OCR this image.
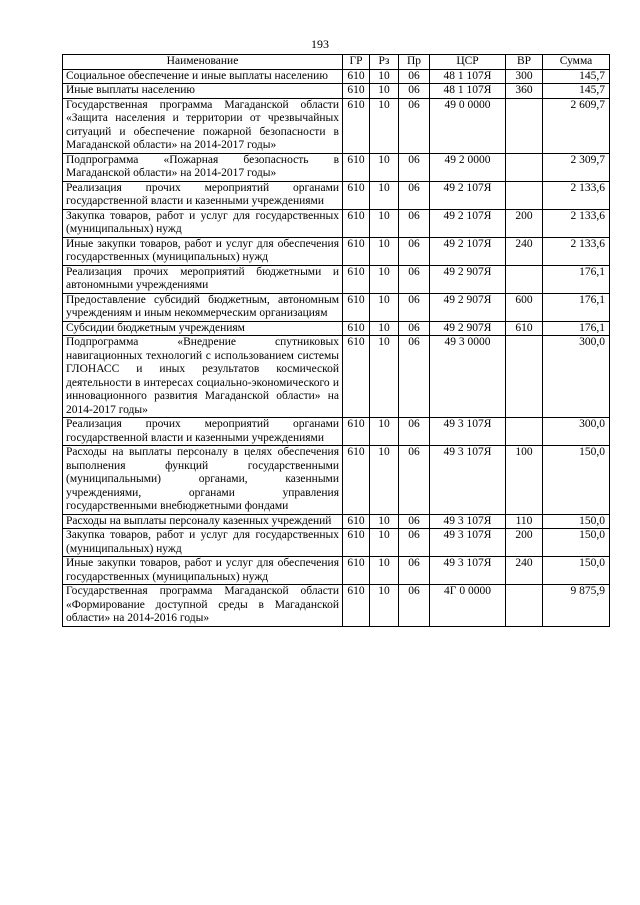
193
Наименование	ГР	Рз	Пр	ЦСР	ВР	Сумма
Социальное обеспечение и иные выплаты населению	610	10	06	48 1 107Я	300	145,7
Иные выплаты населению	610	10	06	48 1 107Я	360	145,7
Государственная программа Магаданской области «Защита населения и территории от чрезвычайных ситуаций и обеспечение пожарной безопасности в Магаданской области» на 2014-2017 годы»	610	10	06	49 0 0000		2 609,7
Подпрограмма «Пожарная безопасность в Магаданской области» на 2014-2017 годы»	610	10	06	49 2 0000		2 309,7
Реализация прочих мероприятий органами государственной власти и казенными учреждениями	610	10	06	49 2 107Я		2 133,6
Закупка товаров, работ и услуг для государственных (муниципальных) нужд	610	10	06	49 2 107Я	200	2 133,6
Иные закупки товаров, работ и услуг для обеспечения государственных (муниципальных) нужд	610	10	06	49 2 107Я	240	2 133,6
Реализация прочих мероприятий бюджетными и автономными учреждениями	610	10	06	49 2 907Я		176,1
Предоставление субсидий бюджетным, автономным учреждениям и иным некоммерческим организациям	610	10	06	49 2 907Я	600	176,1
Субсидии бюджетным учреждениям	610	10	06	49 2 907Я	610	176,1
Подпрограмма «Внедрение спутниковых навигационных технологий с использованием системы ГЛОНАСС и иных результатов космической деятельности в интересах социально-экономического и инновационного развития Магаданской области» на 2014-2017 годы»	610	10	06	49 3 0000		300,0
Реализация прочих мероприятий органами государственной власти и казенными учреждениями	610	10	06	49 3 107Я		300,0
Расходы на выплаты персоналу в целях обеспечения выполнения функций государственными (муниципальными) органами, казенными учреждениями, органами управления государственными внебюджетными фондами	610	10	06	49 3 107Я	100	150,0
Расходы на выплаты персоналу казенных учреждений	610	10	06	49 3 107Я	110	150,0
Закупка товаров, работ и услуг для государственных (муниципальных) нужд	610	10	06	49 3 107Я	200	150,0
Иные закупки товаров, работ и услуг для обеспечения государственных (муниципальных) нужд	610	10	06	49 3 107Я	240	150,0
Государственная программа Магаданской области «Формирование доступной среды в Магаданской области» на 2014-2016 годы»	610	10	06	4Г 0 0000		9 875,9
